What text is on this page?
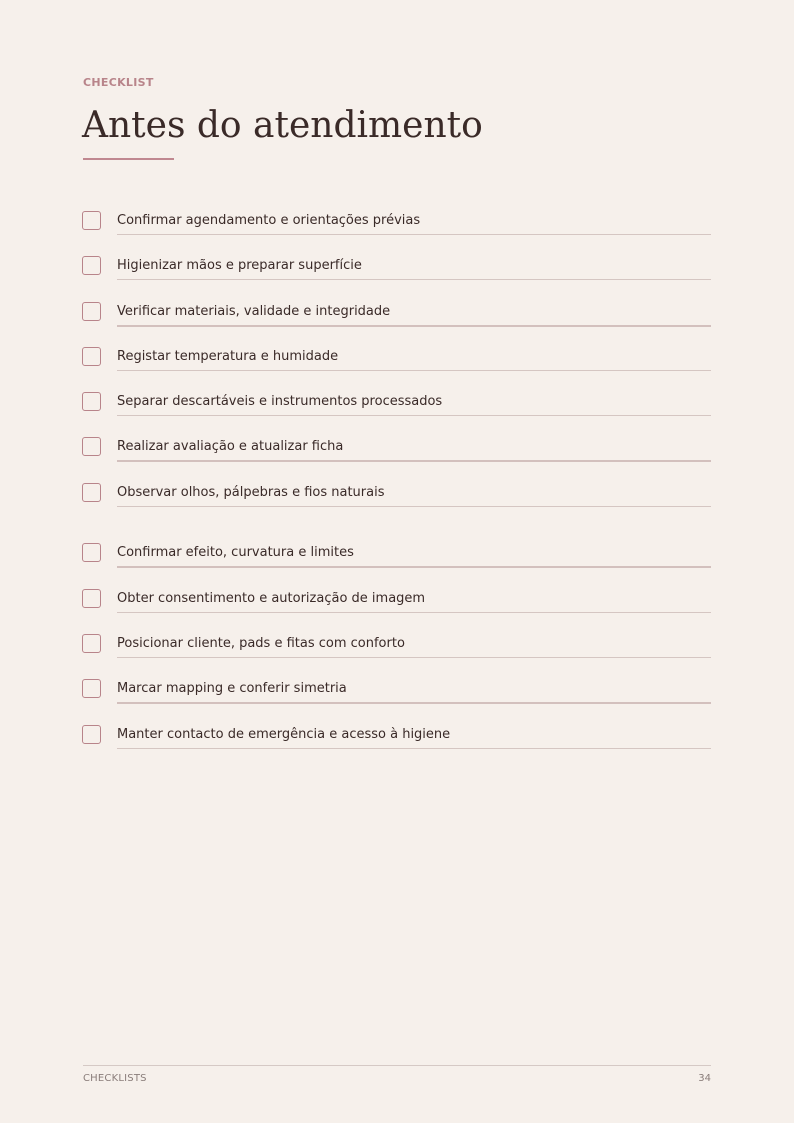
CHECKLIST
Antes do atendimento
Confirmar agendamento e orientações prévias
Higienizar mãos e preparar superfície
Verificar materiais, validade e integridade
Registar temperatura e humidade
Separar descartáveis e instrumentos processados
Realizar avaliação e atualizar ficha
Observar olhos, pálpebras e fios naturais
Confirmar efeito, curvatura e limites
Obter consentimento e autorização de imagem
Posicionar cliente, pads e fitas com conforto
Marcar mapping e conferir simetria
Manter contacto de emergência e acesso à higiene
CHECKLISTS	34
